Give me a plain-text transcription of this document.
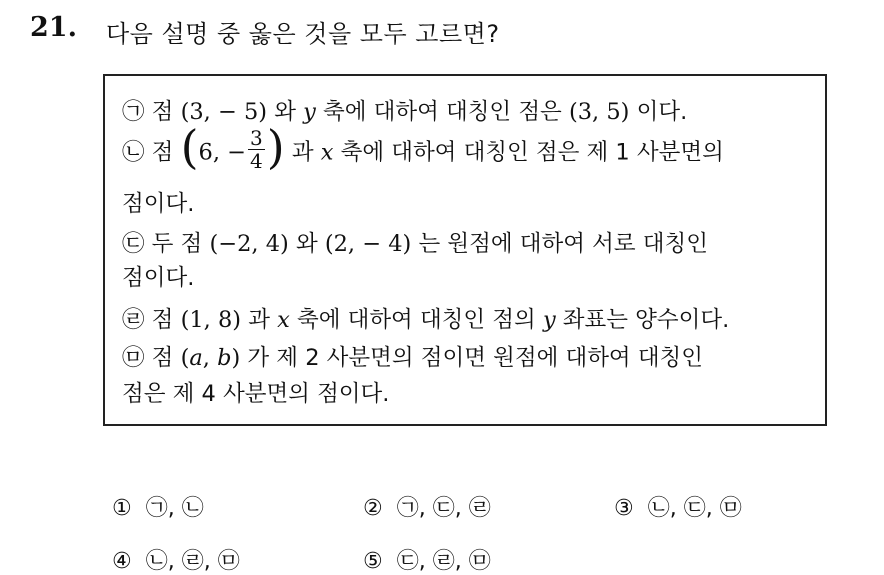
21. 다음 설명 중 옳은 것을 모두 고르면?
㉠ 점 (3, − 5) 와 y 축에 대하여 대칭인 점은 (3, 5) 이다.
㉡ 점 (6, − $\frac{3}{4}$ ) 과 x 축에 대하여 대칭인 점은 제 1 사분면의
점이다.
㉢ 두 점 (−2, 4) 와 (2, − 4) 는 원점에 대하여 서로 대칭인
점이다.
㉣ 점 (1, 8) 과 x 축에 대하여 대칭인 점의 y 좌표는 양수이다.
㉤ 점 (a, b) 가 제 2 사분면의 점이면 원점에 대하여 대칭인
점은 제 4 사분면의 점이다.
① ㉠, ㉡	② ㉠, ㉢, ㉣	③ ㉡, ㉢, ㉤
④ ㉡, ㉣, ㉤	⑤ ㉢, ㉣, ㉤
